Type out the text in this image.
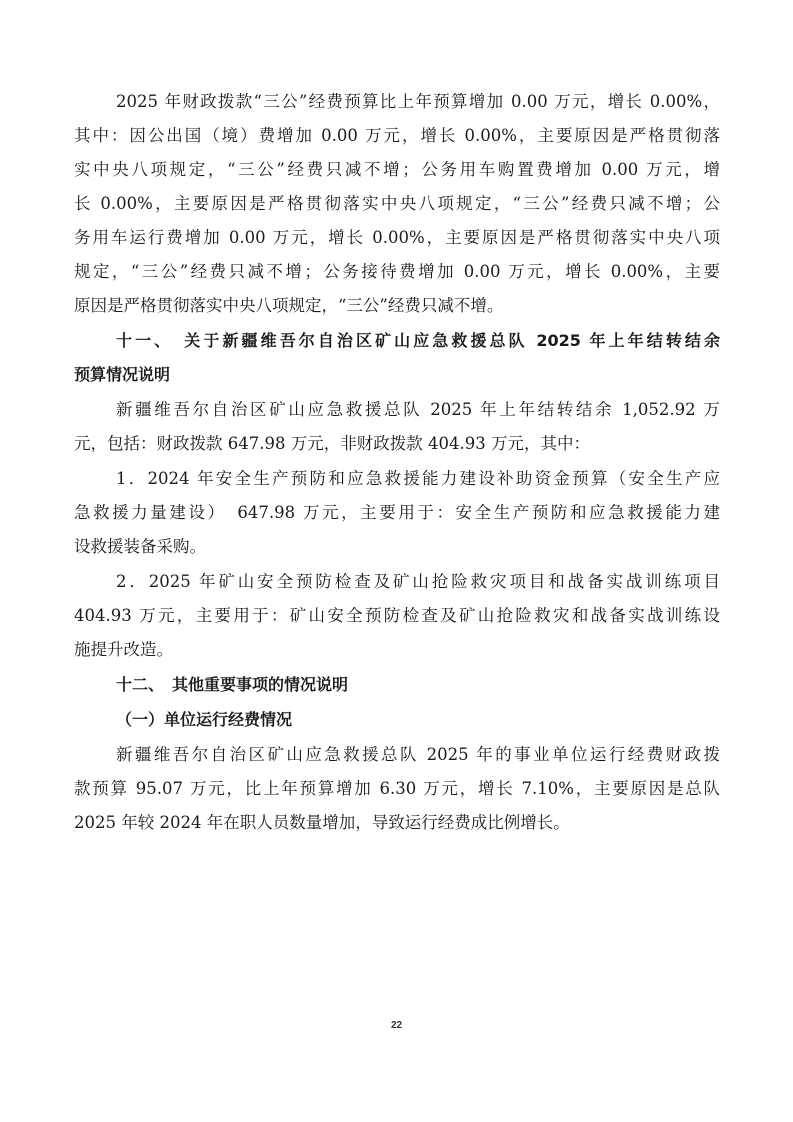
2025 年财政拨款“三公”经费预算比上年预算增加 0.00 万元，增长 0.00%，
其中：因公出国（境）费增加 0.00 万元，增长 0.00%，主要原因是严格贯彻落
实中央八项规定，“三公”经费只减不增；公务用车购置费增加 0.00 万元，增
长 0.00%，主要原因是严格贯彻落实中央八项规定，“三公”经费只减不增；公
务用车运行费增加 0.00 万元，增长 0.00%，主要原因是严格贯彻落实中央八项
规定，“三公”经费只减不增；公务接待费增加 0.00 万元，增长 0.00%，主要
原因是严格贯彻落实中央八项规定，“三公”经费只减不增。
十一、　关于新疆维吾尔自治区矿山应急救援总队 2025 年上年结转结余
预算情况说明
新疆维吾尔自治区矿山应急救援总队 2025 年上年结转结余 1,052.92 万
元，包括：财政拨款 647.98 万元，非财政拨款 404.93 万元，其中：
1．2024 年安全生产预防和应急救援能力建设补助资金预算（安全生产应
急救援力量建设）　647.98 万元，主要用于：安全生产预防和应急救援能力建
设救援装备采购。
2．2025 年矿山安全预防检查及矿山抢险救灾项目和战备实战训练项目
404.93 万元，主要用于：矿山安全预防检查及矿山抢险救灾和战备实战训练设
施提升改造。
十二、　其他重要事项的情况说明
（一）单位运行经费情况
新疆维吾尔自治区矿山应急救援总队 2025 年的事业单位运行经费财政拨
款预算 95.07 万元，比上年预算增加 6.30 万元，增长 7.10%，主要原因是总队
2025 年较 2024 年在职人员数量增加，导致运行经费成比例增长。
22
